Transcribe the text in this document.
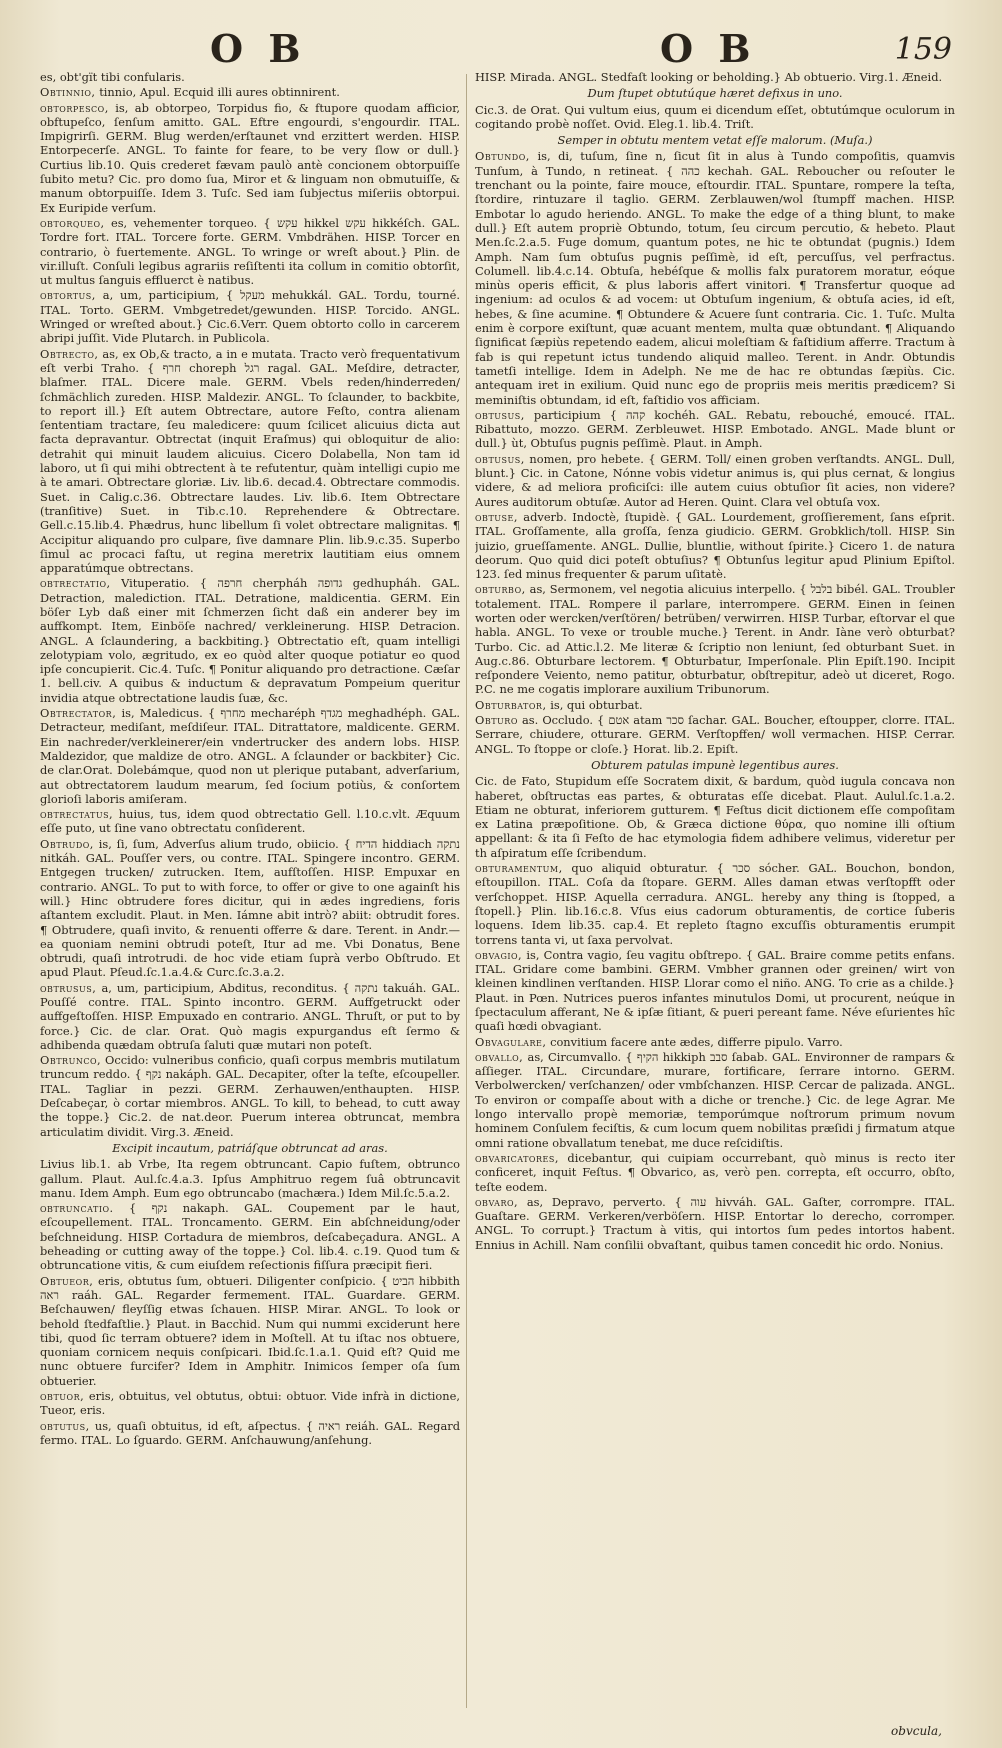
O B	O B	159

es, obt'gït tibi confularis.

Obtinnio, tinnio, Apul. Ecquid illi aures obtinnirent.

obtorpesco, is, ab obtorpeo, Torpidus fio, & ftupore quodam afficior, obftupeſco, ſenſum amitto. GAL. Eftre engourdi, s'engourdir. ITAL. Impigrirſi. GERM. Blug werden/erſtaunet vnd erzittert werden. HISP. Entorpecerſe. ANGL. To fainte for feare, to be very ſlow or dull.} Curtius lib.10. Quis crederet fævam paulò antè concionem obtorpuiſſe ſubito metu? Cic. pro domo ſua, Miror et & linguam non obmutuiſſe, & manum obtorpuiſſe. Idem 3. Tuſc. Sed iam ſubjectus miſeriis obtorpui. Ex Euripide verſum.

obtorqueo, es, vehementer torqueo. { עקש hikkel עקש hikkéſch. GAL. Tordre fort. ITAL. Torcere forte. GERM. Vmbdrähen. HISP. Torcer en contrario, ò fuertemente. ANGL. To wringe or wreſt about.} Plin. de vir.illuſt. Conſuli legibus agrariis reſiſtenti ita collum in comitio obtorſit, ut multus ſanguis effluerct è natibus.

obtortus, a, um, participium, { מעקל mehukkál. GAL. Tordu, tourné. ITAL. Torto. GERM. Vmbgetredet/gewunden. HISP. Torcido. ANGL. Wringed or wreſted about.} Cic.6.Verr. Quem obtorto collo in carcerem abripi juſſit. Vide Plutarch. in Publicola.

Obtrecto, as, ex Ob,& tracto, a in e mutata. Tracto verò frequentativum eſt verbi Traho. { חרף choreph רגל ragal. GAL. Meſdire, detracter, blaſmer. ITAL. Dicere male. GERM. Vbels reden/hinderreden/ſchmächlich zureden. HISP. Maldezir. ANGL. To ſclaunder, to backbite, to report ill.} Eſt autem Obtrectare, autore Feſto, contra alienam ſententiam tractare, ſeu maledicere: quum ſcilicet alicuius dicta aut facta depravantur. Obtrectat (inquit Eraſmus) qui obloquitur de alio: detrahit qui minuit laudem alicuius. Cicero Dolabella, Non tam id laboro, ut ſi qui mihi obtrectent à te refutentur, quàm intelligi cupio me à te amari. Obtrectare gloriæ. Liv. lib.6. decad.4. Obtrectare commodis. Suet. in Calig.c.36. Obtrectare laudes. Liv. lib.6. Item Obtrectare (tranſitive) Suet. in Tib.c.10. Reprehendere & Obtrectare. Gell.c.15.lib.4. Phædrus, hunc libellum ſi volet obtrectare malignitas. ¶ Accipitur aliquando pro culpare, ſive damnare Plin. lib.9.c.35. Superbo ſimul ac procaci faſtu, ut regina meretrix lautitiam eius omnem apparatúmque obtrectans.

obtrectatio, Vituperatio. { חרפה cherpháh גדופה gedhupháh. GAL. Detraction, malediction. ITAL. Detratione, maldicentia. GERM. Ein böſer Lyb daß einer mit ſchmerzen ſicht daß ein anderer bey im auffkompt. Item, Einböſe nachred/ verkleinerung. HISP. Detracion. ANGL. A ſclaundering, a backbiting.} Obtrectatio eſt, quam intelligi zelotypiam volo, ægritudo, ex eo quòd alter quoque potiatur eo quod ipſe concupierit. Cic.4. Tuſc. ¶ Ponitur aliquando pro detractione. Cæſar 1. bell.civ. A quibus & inductum & depravatum Pompeium queritur invidia atque obtrectatione laudis ſuæ, &c.

Obtrectator, is, Maledicus. { מחרף mecharéph מגדף meghadhéph. GAL. Detracteur, mediſant, meſdiſeur. ITAL. Ditrattatore, maldicente. GERM. Ein nachreder/verkleinerer/ein vndertrucker des andern lobs. HISP. Maldezidor, que maldize de otro. ANGL. A ſclaunder or backbiter} Cic. de clar.Orat. Dolebámque, quod non ut plerique putabant, adverſarium, aut obtrectatorem laudum mearum, ſed ſocium potiùs, & conſortem glorioſi laboris amiſeram.

obtrectatus, huius, tus, idem quod obtrectatio Gell. l.10.c.vlt. Æquum eſſe puto, ut ſine vano obtrectatu conſiderent.

Obtrudo, is, ſi, ſum, Adverſus alium trudo, obiicio. { הדיח hiddiach נתקה nitkáh. GAL. Pouſſer vers, ou contre. ITAL. Spingere incontro. GERM. Entgegen trucken/ zutrucken. Item, aufſtoſſen. HISP. Empuxar en contrario. ANGL. To put to with force, to offer or give to one againſt his will.} Hinc obtrudere fores dicitur, qui in ædes ingrediens, foris aſtantem excludit. Plaut. in Men. Iámne abit intrò? abiit: obtrudit fores. ¶ Obtrudere, quaſi invito, & renuenti offerre & dare. Terent. in Andr.— ea quoniam nemini obtrudi poteſt, Itur ad me. Vbi Donatus, Bene obtrudi, quaſi introtrudi. de hoc vide etiam ſuprà verbo Obſtrudo. Et apud Plaut. Pſeud.ſc.1.a.4.& Curc.ſc.3.a.2.

obtrusus, a, um, participium, Abditus, reconditus. { נתקה takuáh. GAL. Pouſſé contre. ITAL. Spinto incontro. GERM. Auffgetruckt oder auffgeſtoſſen. HISP. Empuxado en contrario. ANGL. Thruſt, or put to by force.} Cic. de clar. Orat. Quò magis expurgandus eſt ſermo & adhibenda quædam obtruſa ſaluti quæ mutari non poteſt.

Obtrunco, Occido: vulneribus conficio, quaſi corpus membris mutilatum truncum reddo. { נקף nakáph. GAL. Decapiter, oſter la teſte, eſcoupeller. ITAL. Tagliar in pezzi. GERM. Zerhauwen/enthaupten. HISP. Deſcabeçar, ò cortar miembros. ANGL. To kill, to behead, to cutt away the toppe.} Cic.2. de nat.deor. Puerum interea obtruncat, membra articulatim dividit. Virg.3. Æneid.

Excipit incautum, patriáſque obtruncat ad aras.

Livius lib.1. ab Vrbe, Ita regem obtruncant. Capio fuſtem, obtrunco gallum. Plaut. Aul.ſc.4.a.3. Ipſus Amphitruo regem ſuâ obtruncavit manu. Idem Amph. Eum ego obtruncabo (machæra.) Idem Mil.ſc.5.a.2.

obtruncatio. { נקף nakaph. GAL. Coupement par le haut, eſcoupellement. ITAL. Troncamento. GERM. Ein abſchneidung/oder beſchneidung. HISP. Cortadura de miembros, deſcabeçadura. ANGL. A beheading or cutting away of the toppe.} Col. lib.4. c.19. Quod tum & obtruncatione vitis, & cum eiuſdem reſectionis fiſſura præcipit fieri.

Obtueor, eris, obtutus ſum, obtueri. Diligenter conſpicio. { הביט hibbith ראה raáh. GAL. Regarder fermement. ITAL. Guardare. GERM. Beſchauwen/ fleyſſig etwas ſchauen. HISP. Mirar. ANGL. To look or behold ſtedfaſtlie.} Plaut. in Bacchid. Num qui nummi exciderunt here tibi, quod ſic terram obtuere? idem in Moſtell. At tu iſtac nos obtuere, quoniam cornicem nequis conſpicari. Ibid.ſc.1.a.1. Quid eſt? Quid me nunc obtuere furcifer? Idem in Amphitr. Inimicos ſemper oſa ſum obtuerier.

obtuor, eris, obtuitus, vel obtutus, obtui: obtuor. Vide infrà in dictione, Tueor, eris.

obtutus, us, quaſi obtuitus, id eſt, aſpectus. { ראיה reiáh. GAL. Regard fermo. ITAL. Lo ſguardo. GERM. Anſchauwung/anſehung.

HISP. Mirada. ANGL. Stedfaſt looking or beholding.} Ab obtuerio. Virg.1. Æneid.

Dum ſtupet obtutúque hæret defixus in uno.

Cic.3. de Orat. Qui vultum eius, quum ei dicendum eſſet, obtutúmque oculorum in cogitando probè noſſet. Ovid. Eleg.1. lib.4. Triſt.

Semper in obtutu mentem vetat eſſe malorum. (Muſa.)

Obtundo, is, di, tuſum, ſine n, ſicut ſit in alus à Tundo compoſitis, quamvis Tunſum, à Tundo, n retineat. { כהה kechah. GAL. Reboucher ou reſouter le trenchant ou la pointe, faire mouce, eſtourdir. ITAL. Spuntare, rompere la teſta, ſtordire, rintuzare il taglio. GERM. Zerblauwen/wol ſtumpff machen. HISP. Embotar lo agudo heriendo. ANGL. To make the edge of a thing blunt, to make dull.} Eſt autem propriè Obtundo, totum, ſeu circum percutio, & hebeto. Plaut Men.ſc.2.a.5. Fuge domum, quantum potes, ne hic te obtundat (pugnis.) Idem Amph. Nam ſum obtuſus pugnis peſſimè, id eſt, percuſſus, vel perfractus. Columell. lib.4.c.14. Obtuſa, hebéſque & mollis falx puratorem moratur, eóque minùs operis efficit, & plus laboris affert vinitori. ¶ Transfertur quoque ad ingenium: ad oculos & ad vocem: ut Obtuſum ingenium, & obtuſa acies, id eſt, hebes, & ſine acumine. ¶ Obtundere & Acuere ſunt contraria. Cic. 1. Tuſc. Multa enim è corpore exiſtunt, quæ acuant mentem, multa quæ obtundant. ¶ Aliquando ſignificat ſæpiùs repetendo eadem, alicui moleſtiam & faſtidium afferre. Tractum à fab is qui repetunt ictus tundendo aliquid malleo. Terent. in Andr. Obtundis tametſi intellige. Idem in Adelph. Ne me de hac re obtundas ſæpiùs. Cic. antequam iret in exilium. Quid nunc ego de propriis meis meritis prædicem? Si meminiſtis obtundam, id eſt, faſtidio vos afficiam.

obtusus, participium { קהה kochéh. GAL. Rebatu, rebouché, emoucé. ITAL. Ribattuto, mozzo. GERM. Zerbleuwet. HISP. Embotado. ANGL. Made blunt or dull.} ùt, Obtuſus pugnis peſſimè. Plaut. in Amph.

obtusus, nomen, pro hebete. { GERM. Toll/ einen groben verſtandts. ANGL. Dull, blunt.} Cic. in Catone, Nónne vobis videtur animus is, qui plus cernat, & longius videre, & ad meliora proficiſci: ille autem cuius obtuſior ſit acies, non videre? Aures auditorum obtuſæ. Autor ad Heren. Quint. Clara vel obtuſa vox.

obtuse, adverb. Indoctè, ſtupidè. { GAL. Lourdement, groſſierement, ſans eſprit. ITAL. Groſſamente, alla groſſa, ſenza giudicio. GERM. Grobklich/toll. HISP. Sin juizio, grueſſamente. ANGL. Dullie, bluntlie, without ſpirite.} Cicero 1. de natura deorum. Quo quid dici poteſt obtuſius? ¶ Obtunſus legitur apud Plinium Epiſtol. 123. ſed minus frequenter & parum uſitatè.

obturbo, as, Sermonem, vel negotia alicuius interpello. { בלבל bibél. GAL. Troubler totalement. ITAL. Rompere il parlare, interrompere. GERM. Einen in ſeinen worten oder wercken/verſtören/ betrüben/ verwirren. HISP. Turbar, eſtorvar el que habla. ANGL. To vexe or trouble muche.} Terent. in Andr. Iàne verò obturbat? Turbo. Cic. ad Attic.l.2. Me literæ & ſcriptio non leniunt, ſed obturbant Suet. in Aug.c.86. Obturbare lectorem. ¶ Obturbatur, Imperſonale. Plin Epiſt.190. Incipit reſpondere Veiento, nemo patitur, obturbatur, obſtrepitur, adeò ut diceret, Rogo. P.C. ne me cogatis implorare auxilium Tribunorum.

Obturbator, is, qui obturbat.

Obturo as. Occludo. { אטם atam סכר ſachar. GAL. Boucher, eſtoupper, clorre. ITAL. Serrare, chiudere, otturare. GERM. Verſtopffen/ woll vermachen. HISP. Cerrar. ANGL. To ſtoppe or cloſe.} Horat. lib.2. Epiſt.

Obturem patulas impunè legentibus aures.

Cic. de Fato, Stupidum eſſe Socratem dixit, & bardum, quòd iugula concava non haberet, obſtructas eas partes, & obturatas eſſe dicebat. Plaut. Aulul.ſc.1.a.2. Etiam ne obturat, inferiorem gutturem. ¶ Feſtus dicit dictionem eſſe compoſitam ex Latina præpoſitione. Ob, & Græca dictione θύρα, quo nomine illi oſtium appellant: & ita ſi Feſto de hac etymologia fidem adhibere velimus, videretur per th aſpiratum eſſe ſcribendum.

obturamentum, quo aliquid obturatur. { סכר sócher. GAL. Bouchon, bondon, eſtoupillon. ITAL. Coſa da ſtopare. GERM. Alles daman etwas verſtopfft oder verſchoppet. HISP. Aquella cerradura. ANGL. hereby any thing is ſtopped, a ſtopell.} Plin. lib.16.c.8. Vſus eius cadorum obturamentis, de cortice ſuberis loquens. Idem lib.35. cap.4. Et repleto ſtagno excuſſis obturamentis erumpit torrens tanta vi, ut ſaxa pervolvat.

obvagio, is, Contra vagio, ſeu vagitu obſtrepo. { GAL. Braire comme petits enfans. ITAL. Gridare come bambini. GERM. Vmbher grannen oder greinen/ wirt von kleinen kindlinen verſtanden. HISP. Llorar como el niño. ANG. To crie as a childe.} Plaut. in Pœn. Nutrices pueros infantes minutulos Domi, ut procurent, neúque in ſpectaculum afferant, Ne & ipſæ ſitiant, & pueri pereant fame. Néve eſurientes hîc quaſi hœdi obvagiant.

Obvagulare, convitium facere ante ædes, differre pipulo. Varro.

obvallo, as, Circumvallo. { הקיף hikkiph סבב ſabab. GAL. Environner de rampars & aſſieger. ITAL. Circundare, murare, fortificare, ſerrare intorno. GERM. Verbolwercken/ verſchanzen/ oder vmbſchanzen. HISP. Cercar de palizada. ANGL. To environ or compaſſe about with a diche or trenche.} Cic. de lege Agrar. Me longo intervallo propè memoriæ, temporúmque noſtrorum primum novum hominem Conſulem feciſtis, & cum locum quem nobilitas præſidi j firmatum atque omni ratione obvallatum tenebat, me duce reſcidiſtis.

obvaricatores, dicebantur, qui cuipiam occurrebant, quò minus is recto iter conficeret, inquit Feſtus. ¶ Obvarico, as, verò pen. correpta, eſt occurro, obſto, teſte eodem.

obvaro, as, Depravo, perverto. { עוה hivváh. GAL. Gaſter, corrompre. ITAL. Guaſtare. GERM. Verkeren/verböſern. HISP. Entortar lo derecho, corromper. ANGL. To corrupt.} Tractum à vitis, qui intortos ſum pedes intortos habent. Ennius in Achill. Nam conſilii obvaſtant, quibus tamen concedit hic ordo. Nonius.

obvcula,
